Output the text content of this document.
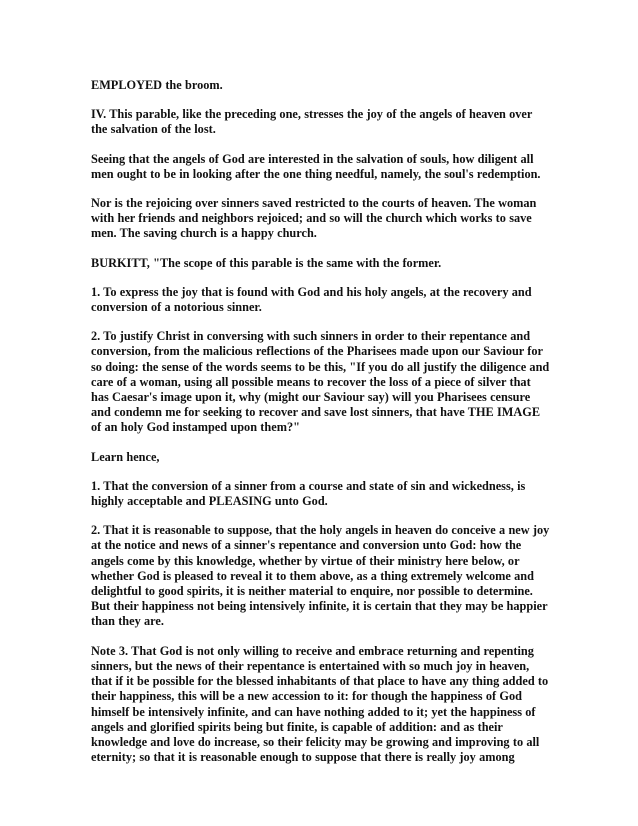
EMPLOYED the broom.

IV. This parable, like the preceding one, stresses the joy of the angels of heaven over the salvation of the lost.

Seeing that the angels of God are interested in the salvation of souls, how diligent all men ought to be in looking after the one thing needful, namely, the soul's redemption.

Nor is the rejoicing over sinners saved restricted to the courts of heaven. The woman with her friends and neighbors rejoiced; and so will the church which works to save men. The saving church is a happy church.

BURKITT, "The scope of this parable is the same with the former.

1. To express the joy that is found with God and his holy angels, at the recovery and conversion of a notorious sinner.

2. To justify Christ in conversing with such sinners in order to their repentance and conversion, from the malicious reflections of the Pharisees made upon our Saviour for so doing: the sense of the words seems to be this, "If you do all justify the diligence and care of a woman, using all possible means to recover the loss of a piece of silver that has Caesar's image upon it, why (might our Saviour say) will you Pharisees censure and condemn me for seeking to recover and save lost sinners, that have THE IMAGE of an holy God instamped upon them?"

Learn hence,

1. That the conversion of a sinner from a course and state of sin and wickedness, is highly acceptable and PLEASING unto God.

2. That it is reasonable to suppose, that the holy angels in heaven do conceive a new joy at the notice and news of a sinner's repentance and conversion unto God: how the angels come by this knowledge, whether by virtue of their ministry here below, or whether God is pleased to reveal it to them above, as a thing extremely welcome and delightful to good spirits, it is neither material to enquire, nor possible to determine. But their happiness not being intensively infinite, it is certain that they may be happier than they are.

Note 3. That God is not only willing to receive and embrace returning and repenting sinners, but the news of their repentance is entertained with so much joy in heaven, that if it be possible for the blessed inhabitants of that place to have any thing added to their happiness, this will be a new accession to it: for though the happiness of God himself be intensively infinite, and can have nothing added to it; yet the happiness of angels and glorified spirits being but finite, is capable of addition: and as their knowledge and love do increase, so their felicity may be growing and improving to all eternity; so that it is reasonable enough to suppose that there is really joy among
